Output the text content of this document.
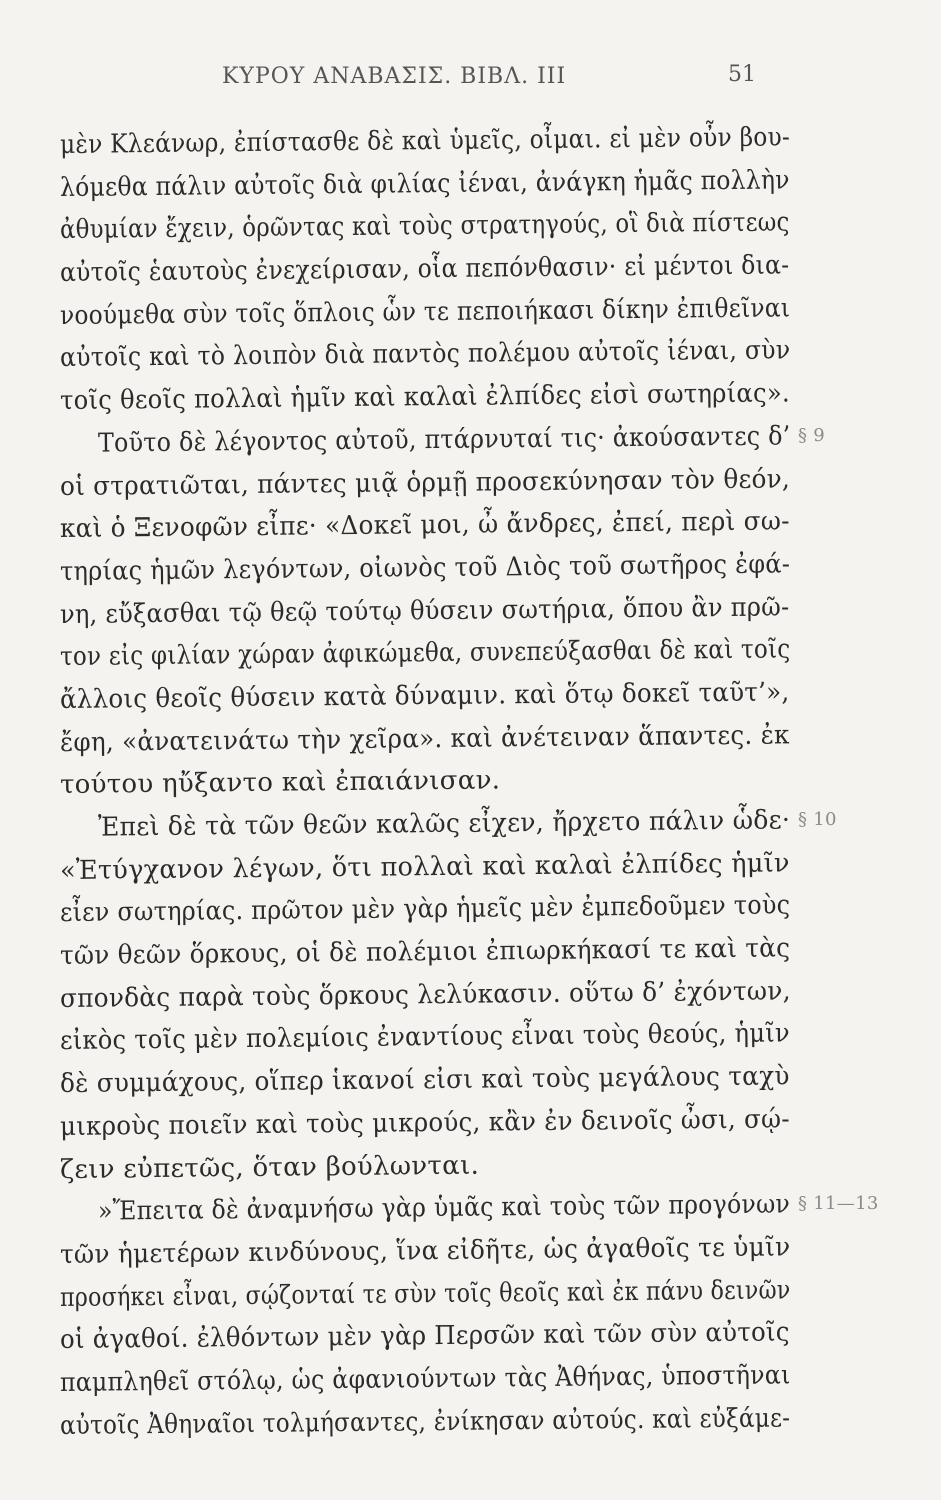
ΚΥΡΟΥ ΑΝΑΒΑΣΙΣ. ΒΙΒΛ. III	51
μὲν Κλεάνωρ, ἐπίστασθε δὲ καὶ ὑμεῖς, οἶμαι. εἰ μὲν οὖν βου-
λόμεθα πάλιν αὐτοῖς διὰ φιλίας ἰέναι, ἀνάγκη ἡμᾶς πολλὴν
ἀθυμίαν ἔχειν, ὁρῶντας καὶ τοὺς στρατηγούς, οἳ διὰ πίστεως
αὐτοῖς ἑαυτοὺς ἐνεχείρισαν, οἷα πεπόνθασιν· εἰ μέντοι δια-
νοούμεθα σὺν τοῖς ὅπλοις ὧν τε πεποιήκασι δίκην ἐπιθεῖναι
αὐτοῖς καὶ τὸ λοιπὸν διὰ παντὸς πολέμου αὐτοῖς ἰέναι, σὺν
τοῖς θεοῖς πολλαὶ ἡμῖν καὶ καλαὶ ἐλπίδες εἰσὶ σωτηρίας».
Τοῦτο δὲ λέγοντος αὐτοῦ, πτάρνυταί τις· ἀκούσαντες δ’ § 9
οἱ στρατιῶται, πάντες μιᾷ ὁρμῇ προσεκύνησαν τὸν θεόν,
καὶ ὁ Ξενοφῶν εἶπε· «Δοκεῖ μοι, ὦ ἄνδρες, ἐπεί, περὶ σω-
τηρίας ἡμῶν λεγόντων, οἰωνὸς τοῦ Διὸς τοῦ σωτῆρος ἐφά-
νη, εὔξασθαι τῷ θεῷ τούτῳ θύσειν σωτήρια, ὅπου ἂν πρῶ-
τον εἰς φιλίαν χώραν ἀφικώμεθα, συνεπεύξασθαι δὲ καὶ τοῖς
ἄλλοις θεοῖς θύσειν κατὰ δύναμιν. καὶ ὅτῳ δοκεῖ ταῦτ’»,
ἔφη, «ἀνατεινάτω τὴν χεῖρα». καὶ ἀνέτειναν ἅπαντες. ἐκ
τούτου ηὔξαντο καὶ ἐπαιάνισαν.
Ἐπεὶ δὲ τὰ τῶν θεῶν καλῶς εἶχεν, ἤρχετο πάλιν ὧδε· § 10
«Ἐτύγχανον λέγων, ὅτι πολλαὶ καὶ καλαὶ ἐλπίδες ἡμῖν
εἶεν σωτηρίας. πρῶτον μὲν γὰρ ἡμεῖς μὲν ἐμπεδοῦμεν τοὺς
τῶν θεῶν ὅρκους, οἱ δὲ πολέμιοι ἐπιωρκήκασί τε καὶ τὰς
σπονδὰς παρὰ τοὺς ὅρκους λελύκασιν. οὕτω δ’ ἐχόντων,
εἰκὸς τοῖς μὲν πολεμίοις ἐναντίους εἶναι τοὺς θεούς, ἡμῖν
δὲ συμμάχους, οἵπερ ἱκανοί εἰσι καὶ τοὺς μεγάλους ταχὺ
μικροὺς ποιεῖν καὶ τοὺς μικρούς, κἂν ἐν δεινοῖς ὦσι, σῴ-
ζειν εὐπετῶς, ὅταν βούλωνται.
»Ἔπειτα δὲ ἀναμνήσω γὰρ ὑμᾶς καὶ τοὺς τῶν προγόνων § 11—13
τῶν ἡμετέρων κινδύνους, ἵνα εἰδῆτε, ὡς ἀγαθοῖς τε ὑμῖν
προσήκει εἶναι, σῴζονταί τε σὺν τοῖς θεοῖς καὶ ἐκ πάνυ δεινῶν
οἱ ἀγαθοί. ἐλθόντων μὲν γὰρ Περσῶν καὶ τῶν σὺν αὐτοῖς
παμπληθεῖ στόλῳ, ὡς ἀφανιούντων τὰς Ἀθήνας, ὑποστῆναι
αὐτοῖς Ἀθηναῖοι τολμήσαντες, ἐνίκησαν αὐτούς. καὶ εὐξάμε-
